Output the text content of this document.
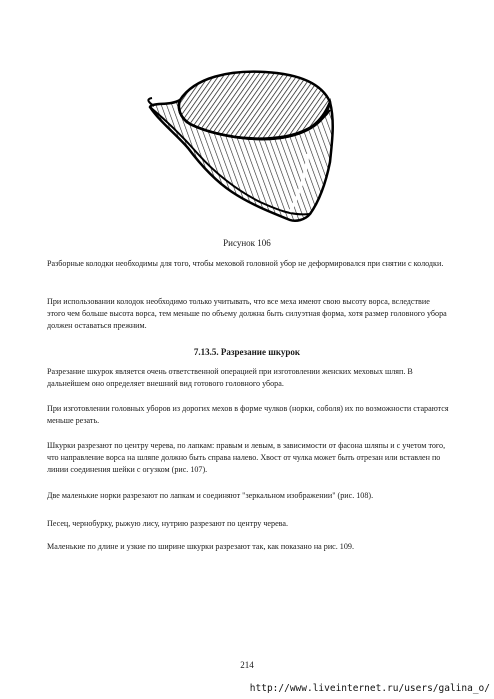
Рисунок 106

Разборные колодки необходимы для того, чтобы меховой головной убор не деформировался при снятии с колодки.

При использовании колодок необходимо только учитывать, что все меха имеют свою высоту ворса, вследствие этого чем больше высота ворса, тем меньше по объему должна быть силуэтная форма, хотя размер головного убора должен оставаться прежним.

7.13.5. Разрезание шкурок

Разрезание шкурок является очень ответственной операцией при изготовлении женских меховых шляп. В дальнейшем оно определяет внешний вид готового головного убора.

При изготовлении головных уборов из дорогих мехов в форме чулков (норки, соболя) их по возможности стараются меньше резать.

Шкурки разрезают по центру черева, по лапкам: правым и левым, в зависимости от фасона шляпы и с учетом того, что направление ворса на шляпе должно быть справа налево. Хвост от чулка может быть отрезан или вставлен по линии соединения шейки с огузком (рис. 107).

Две маленькие норки разрезают по лапкам и соединяют "зеркальном изображении" (рис. 108).

Песец, чернобурку, рыжую лису, нутрию разрезают по центру черева.

Маленькие по длине и узкие по ширине шкурки разрезают так, как показано на рис. 109.

214
http://www.liveinternet.ru/users/galina_o/
